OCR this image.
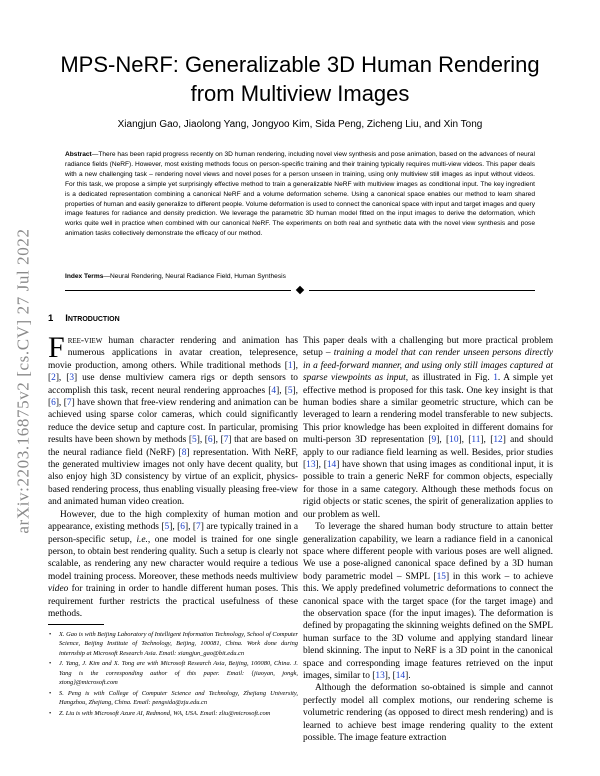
arXiv:2203.16875v2 [cs.CV] 27 Jul 2022
MPS-NeRF: Generalizable 3D Human Rendering from Multiview Images
Xiangjun Gao, Jiaolong Yang, Jongyoo Kim, Sida Peng, Zicheng Liu, and Xin Tong

Abstract—There has been rapid progress recently on 3D human rendering, including novel view synthesis and pose animation, based on the advances of neural radiance fields (NeRF). However, most existing methods focus on person-specific training and their training typically requires multi-view videos. This paper deals with a new challenging task – rendering novel views and novel poses for a person unseen in training, using only multiview still images as input without videos. For this task, we propose a simple yet surprisingly effective method to train a generalizable NeRF with multiview images as conditional input. The key ingredient is a dedicated representation combining a canonical NeRF and a volume deformation scheme. Using a canonical space enables our method to learn shared properties of human and easily generalize to different people. Volume deformation is used to connect the canonical space with input and target images and query image features for radiance and density prediction. We leverage the parametric 3D human model fitted on the input images to derive the deformation, which works quite well in practice when combined with our canonical NeRF. The experiments on both real and synthetic data with the novel view synthesis and pose animation tasks collectively demonstrate the efficacy of our method.

Index Terms—Neural Rendering, Neural Radiance Field, Human Synthesis

1 Introduction

Free-view human character rendering and animation has numerous applications in avatar creation, telepresence, movie production, among others. While traditional methods [1], [2], [3] use dense multiview camera rigs or depth sensors to accomplish this task, recent neural rendering approaches [4], [5], [6], [7] have shown that free-view rendering and animation can be achieved using sparse color cameras, which could significantly reduce the device setup and capture cost. In particular, promising results have been shown by methods [5], [6], [7] that are based on the neural radiance field (NeRF) [8] representation. With NeRF, the generated multiview images not only have decent quality, but also enjoy high 3D consistency by virtue of an explicit, physics-based rendering process, thus enabling visually pleasing free-view and animated human video creation.

However, due to the high complexity of human motion and appearance, existing methods [5], [6], [7] are typically trained in a person-specific setup, i.e., one model is trained for one single person, to obtain best rendering quality. Such a setup is clearly not scalable, as rendering any new character would require a tedious model training process. Moreover, these methods needs multiview video for training in order to handle different human poses. This requirement further restricts the practical usefulness of these methods.

This paper deals with a challenging but more practical problem setup – training a model that can render unseen persons directly in a feed-forward manner, and using only still images captured at sparse viewpoints as input, as illustrated in Fig. 1. A simple yet effective method is proposed for this task. One key insight is that human bodies share a similar geometric structure, which can be leveraged to learn a rendering model transferable to new subjects. This prior knowledge has been exploited in different domains for multi-person 3D representation [9], [10], [11], [12] and should apply to our radiance field learning as well. Besides, prior studies [13], [14] have shown that using images as conditional input, it is possible to train a generic NeRF for common objects, especially for those in a same category. Although these methods focus on rigid objects or static scenes, the spirit of generalization applies to our problem as well.

To leverage the shared human body structure to attain better generalization capability, we learn a radiance field in a canonical space where different people with various poses are well aligned. We use a pose-aligned canonical space defined by a 3D human body parametric model – SMPL [15] in this work – to achieve this. We apply predefined volumetric deformations to connect the canonical space with the target space (for the target image) and the observation space (for the input images). The deformation is defined by propagating the skinning weights defined on the SMPL human surface to the 3D volume and applying standard linear blend skinning. The input to NeRF is a 3D point in the canonical space and corresponding image features retrieved on the input images, similar to [13], [14].

Although the deformation so-obtained is simple and cannot perfectly model all complex motions, our rendering scheme is volumetric rendering (as opposed to direct mesh rendering) and is learned to achieve best image rendering quality to the extent possible. The image feature extraction

• X. Gao is with Beijing Laboratory of Intelligent Information Technology, School of Computer Science, Beijing Institute of Technology, Beijing, 100081, China. Work done during internship at Microsoft Research Asia. Email: xiangjun_gao@bit.edu.cn
• J. Yang, J. Kim and X. Tong are with Microsoft Research Asia, Beijing, 100080, China. J. Yang is the corresponding author of this paper. Email: {jiaoyan, jongk, xtong}@microsoft.com
• S. Peng is with College of Computer Science and Technology, Zhejiang University, Hangzhou, Zhejiang, China. Email: pengsida@zju.edu.cn
• Z. Liu is with Microsoft Azure AI, Redmond, WA, USA. Email: zliu@microsoft.com
